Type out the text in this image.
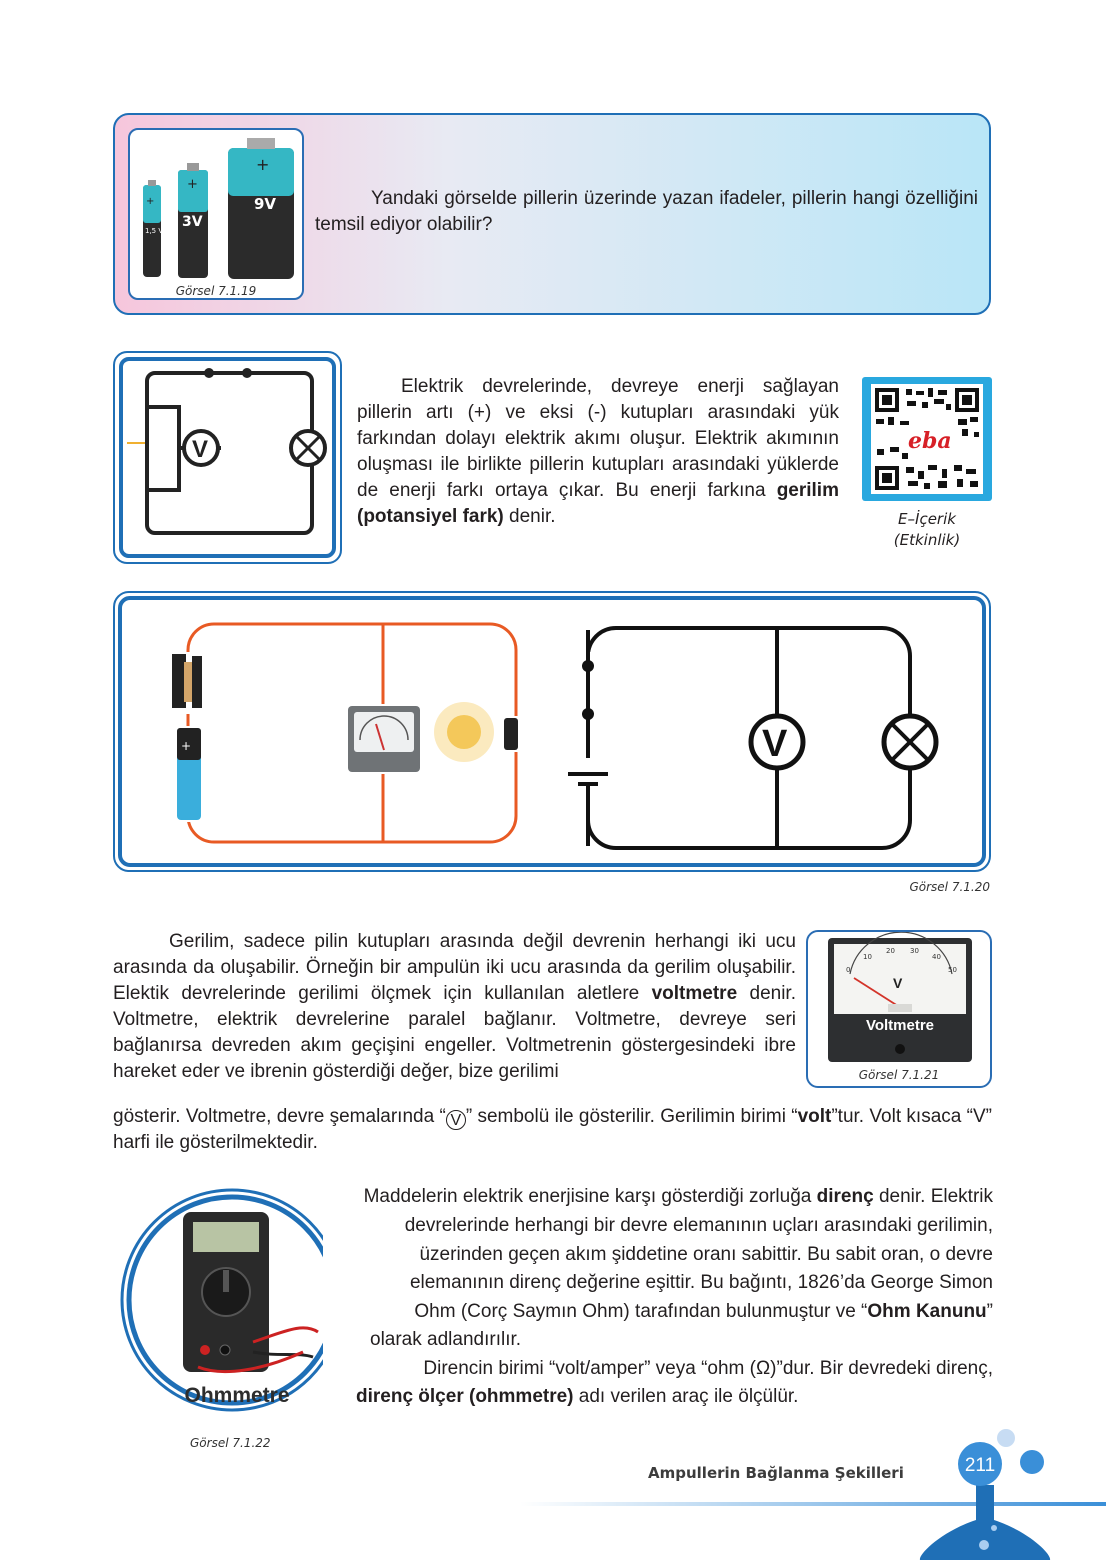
+
1,5 V
+
3V
+
9V
Görsel 7.1.19
Yandaki görselde pillerin üzerinde yazan ifadeler, pillerin hangi özelliğini temsil ediyor olabilir?
V
Elektrik devrelerinde, devreye enerji sağlayan pillerin artı (+) ve eksi (-) kutupları arasındaki yük farkından dolayı elektrik akımı oluşur. Elektrik akımının oluşması ile birlikte pillerin kutupları arasındaki yüklerde de enerji farkı ortaya çıkar. Bu enerji farkına gerilim (potansiyel fark) denir.
eba
E–İçerik
(Etkinlik)
+	V
Görsel 7.1.20
Gerilim, sadece pilin kutupları arasında değil devrenin herhangi iki ucu arasında da oluşabilir. Örneğin bir ampulün iki ucu arasında da gerilim oluşabilir. Elektik devrelerinde gerilimi ölçmek için kullanılan aletlere voltmetre denir. Voltmetre, elektrik devrelerine paralel bağlanır. Voltmetre, devreye seri bağlanırsa devreden akım geçişini engeller. Voltmetrenin göstergesindeki ibre hareket eder ve ibrenin gösterdiği değer, bize gerilimi
gösterir. Voltmetre, devre şemalarında “ V ” sembolü ile gösterilir. Gerilimin birimi “volt”tur. Volt kısaca “V” harfi ile gösterilmektedir.
0
10
20 30
40
50
V
Voltmetre
Görsel 7.1.21
Ohmmetre
Görsel 7.1.22
Maddelerin elektrik enerjisine karşı gösterdiği zorluğa direnç denir. Elektrik
devrelerinde herhangi bir devre elemanının uçları arasındaki gerilimin,
üzerinden geçen akım şiddetine oranı sabittir. Bu sabit oran, o devre
elemanının direnç değerine eşittir. Bu bağıntı, 1826’da George Simon
Ohm (Corç Saymın Ohm) tarafından bulunmuştur ve “Ohm Kanunu”
olarak adlandırılır.
Direncin birimi “volt/amper” veya “ohm (Ω)”dur. Bir devredeki direnç,
direnç ölçer (ohmmetre) adı verilen araç ile ölçülür.
Ampullerin Bağlanma Şekilleri	211
